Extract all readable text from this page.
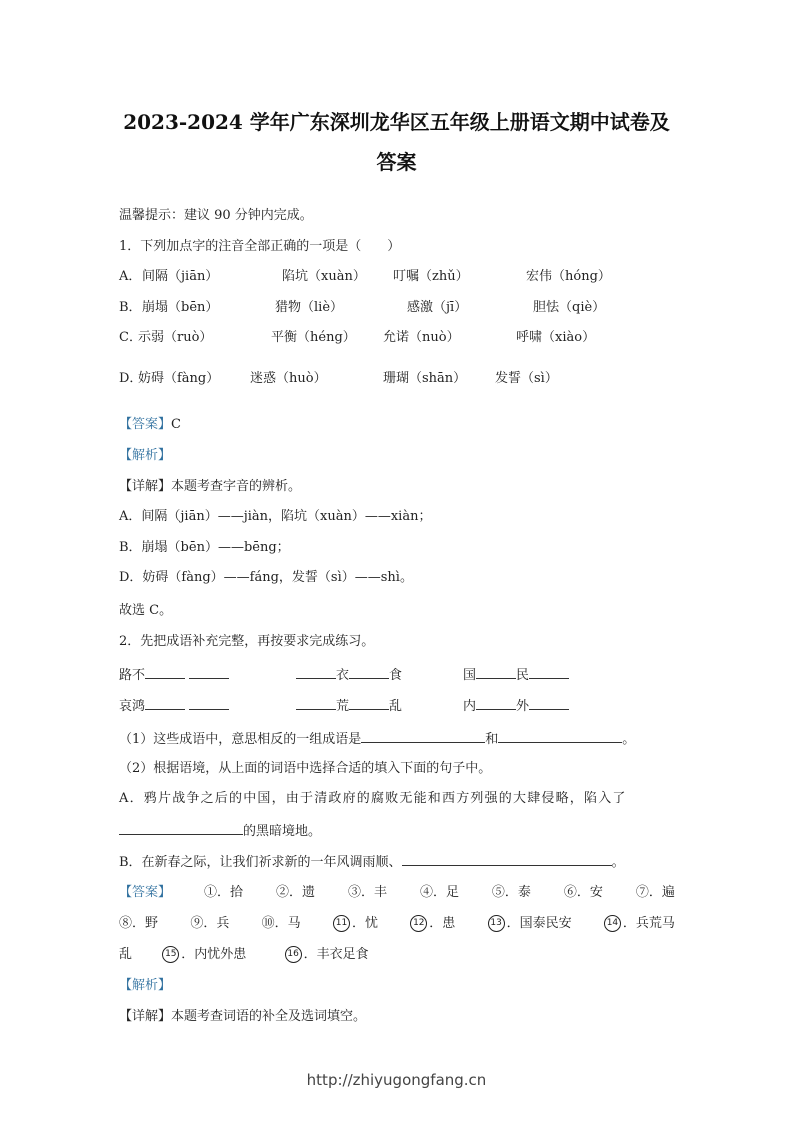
2023-2024 学年广东深圳龙华区五年级上册语文期中试卷及
答案
温馨提示：建议 90 分钟内完成。
1．下列加点字的注音全部正确的一项是（　　）
A． 间隔（jiān）	陷坑（xuàn） 叮嘱（zhǔ）	宏伟（hóng）
B． 崩塌（bēn）	猎物（liè）	感激（jī）	胆怯（qiè）
C．
示弱（ruò）	平衡（héng） 允诺（nuò）	呼啸（xiào）
D．
妨碍（fàng） 迷惑（huò）	珊瑚（shān） 发誓（sì）
【答案】C
【解析】
【详解】本题考查字音的辨析。
A．间隔（jiān）——jiàn，陷坑（xuàn）——xiàn；
B．崩塌（bēn）——bēng；
D．妨碍（fàng）——fáng，发誓（sì）——shì。
故选 C。
2．先把成语补充完整，再按要求完成练习。
路不	衣	食	国	民
哀鸿	荒	乱	内	外
（1）这些成语中，意思相反的一组成语是	和	。
（2）根据语境，从上面的词语中选择合适的填入下面的句子中。
A．鸦片战争之后的中国，由于清政府的腐败无能和西方列强的大肆侵略，陷入了
的黑暗境地。
B．在新春之际，让我们祈求新的一年风调雨顺、	。
【答案】	①．拾	②．遗	③．丰	④．足	⑤．泰	⑥．安	⑦．遍
⑧．野 ⑨．兵 ⑩．马	11 ．忧	12 ．患	13 ．国泰民安	14 ．兵荒马
乱	15 ．内忧外患	16 ．丰衣足食
【解析】
【详解】本题考查词语的补全及选词填空。
http://zhiyugongfang.cn
